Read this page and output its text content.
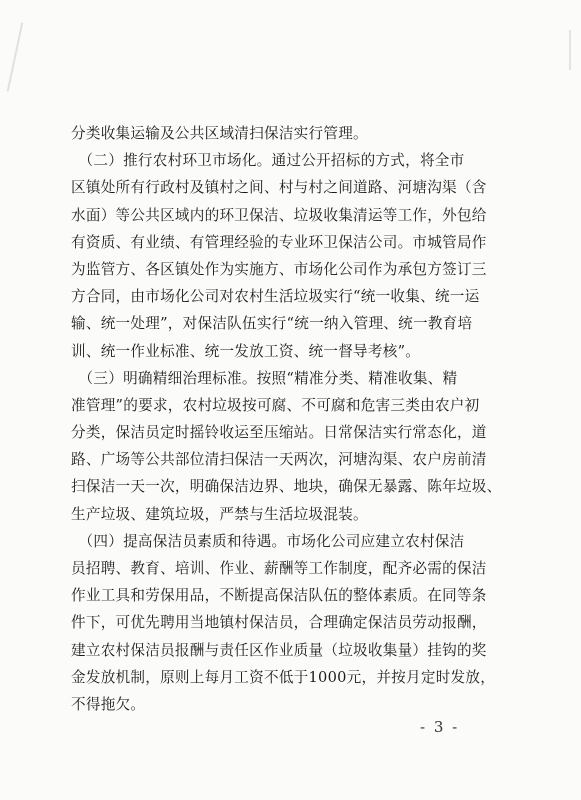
分类收集运输及公共区域清扫保洁实行管理。
　（二）推行农村环卫市场化。通过公开招标的方式，将全市
区镇处所有行政村及镇村之间、村与村之间道路、河塘沟渠（含
水面）等公共区域内的环卫保洁、垃圾收集清运等工作，外包给
有资质、有业绩、有管理经验的专业环卫保洁公司。市城管局作
为监管方、各区镇处作为实施方、市场化公司作为承包方签订三
方合同，由市场化公司对农村生活垃圾实行“统一收集、统一运
输、统一处理”，对保洁队伍实行“统一纳入管理、统一教育培
训、统一作业标准、统一发放工资、统一督导考核”。
　（三）明确精细治理标准。按照“精准分类、精准收集、精
准管理”的要求，农村垃圾按可腐、不可腐和危害三类由农户初
分类，保洁员定时摇铃收运至压缩站。日常保洁实行常态化，道
路、广场等公共部位清扫保洁一天两次，河塘沟渠、农户房前清
扫保洁一天一次，明确保洁边界、地块，确保无暴露、陈年垃圾、
生产垃圾、建筑垃圾，严禁与生活垃圾混装。
　（四）提高保洁员素质和待遇。市场化公司应建立农村保洁
员招聘、教育、培训、作业、薪酬等工作制度，配齐必需的保洁
作业工具和劳保用品，不断提高保洁队伍的整体素质。在同等条
件下，可优先聘用当地镇村保洁员，合理确定保洁员劳动报酬，
建立农村保洁员报酬与责任区作业质量（垃圾收集量）挂钩的奖
金发放机制，原则上每月工资不低于1000元，并按月定时发放，
不得拖欠。
- 3 -
